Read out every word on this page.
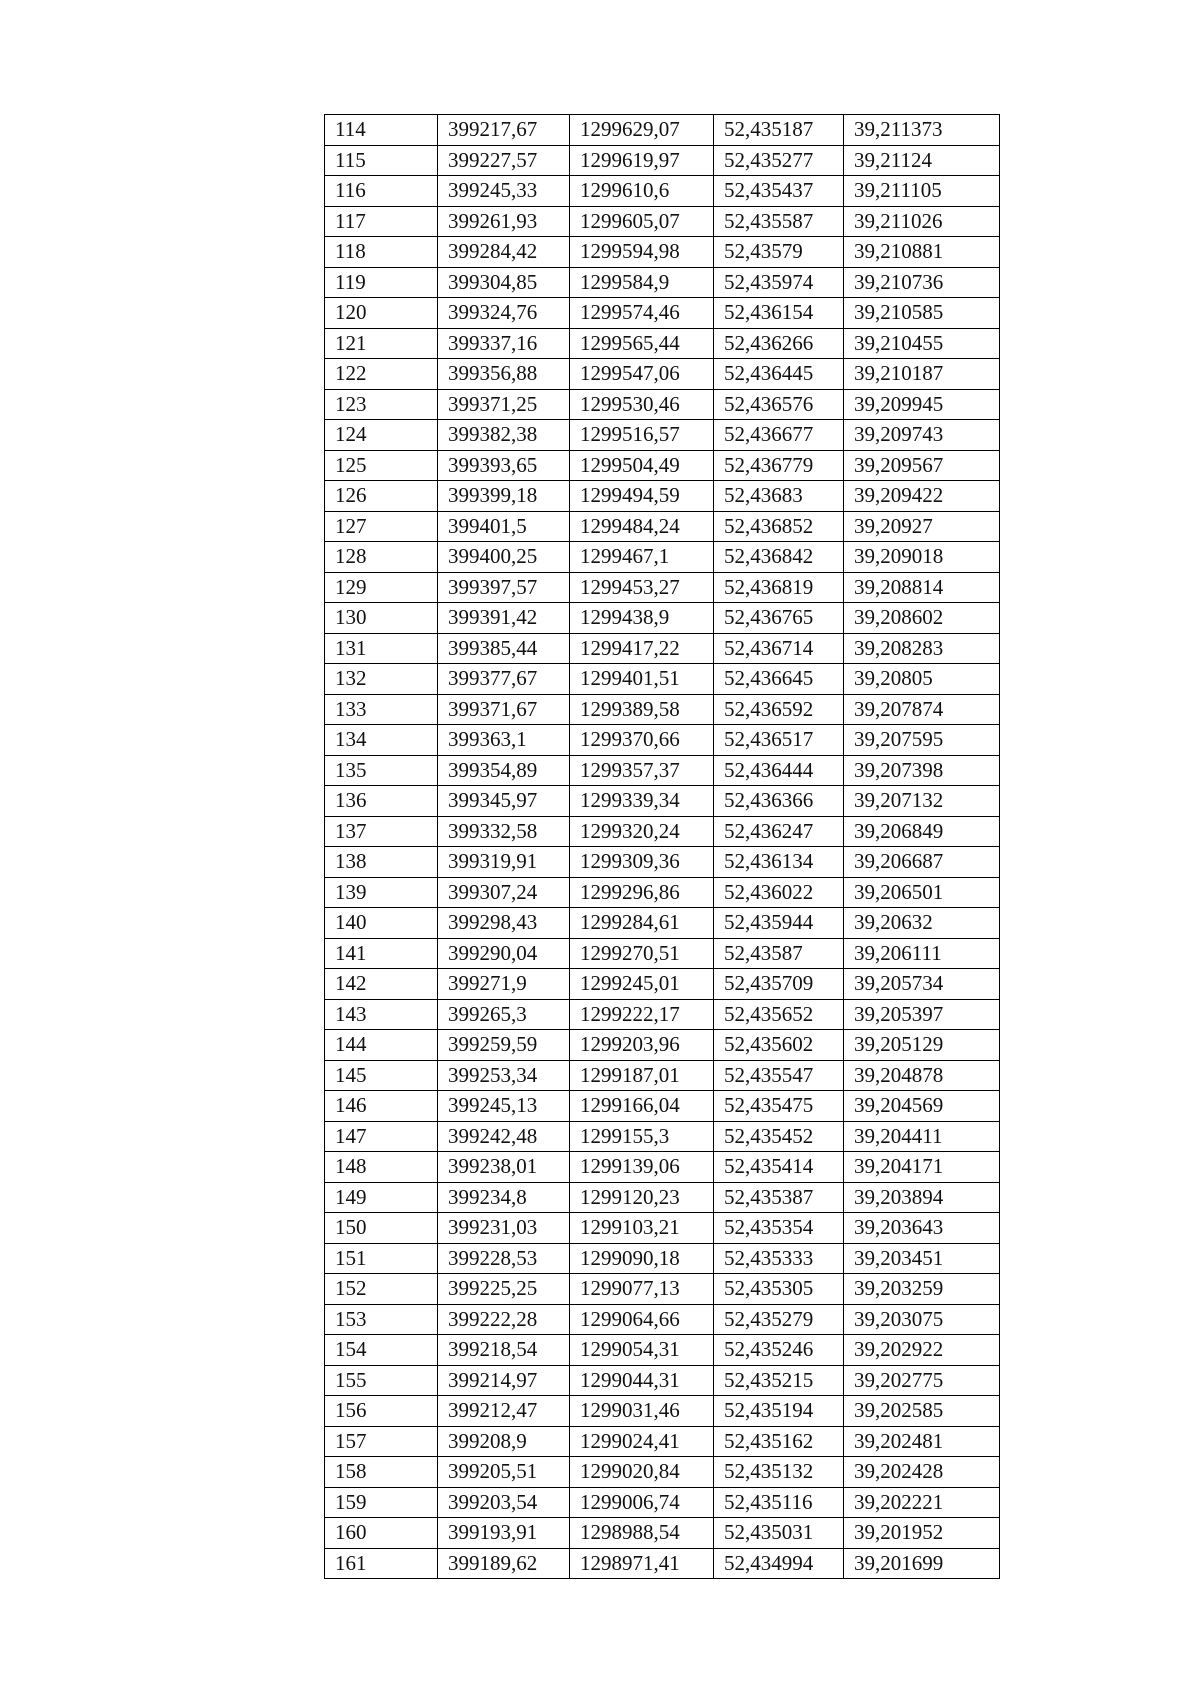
114	399217,67	1299629,07	52,435187	39,211373
115	399227,57	1299619,97	52,435277	39,21124
116	399245,33	1299610,6	52,435437	39,211105
117	399261,93	1299605,07	52,435587	39,211026
118	399284,42	1299594,98	52,43579	39,210881
119	399304,85	1299584,9	52,435974	39,210736
120	399324,76	1299574,46	52,436154	39,210585
121	399337,16	1299565,44	52,436266	39,210455
122	399356,88	1299547,06	52,436445	39,210187
123	399371,25	1299530,46	52,436576	39,209945
124	399382,38	1299516,57	52,436677	39,209743
125	399393,65	1299504,49	52,436779	39,209567
126	399399,18	1299494,59	52,43683	39,209422
127	399401,5	1299484,24	52,436852	39,20927
128	399400,25	1299467,1	52,436842	39,209018
129	399397,57	1299453,27	52,436819	39,208814
130	399391,42	1299438,9	52,436765	39,208602
131	399385,44	1299417,22	52,436714	39,208283
132	399377,67	1299401,51	52,436645	39,20805
133	399371,67	1299389,58	52,436592	39,207874
134	399363,1	1299370,66	52,436517	39,207595
135	399354,89	1299357,37	52,436444	39,207398
136	399345,97	1299339,34	52,436366	39,207132
137	399332,58	1299320,24	52,436247	39,206849
138	399319,91	1299309,36	52,436134	39,206687
139	399307,24	1299296,86	52,436022	39,206501
140	399298,43	1299284,61	52,435944	39,20632
141	399290,04	1299270,51	52,43587	39,206111
142	399271,9	1299245,01	52,435709	39,205734
143	399265,3	1299222,17	52,435652	39,205397
144	399259,59	1299203,96	52,435602	39,205129
145	399253,34	1299187,01	52,435547	39,204878
146	399245,13	1299166,04	52,435475	39,204569
147	399242,48	1299155,3	52,435452	39,204411
148	399238,01	1299139,06	52,435414	39,204171
149	399234,8	1299120,23	52,435387	39,203894
150	399231,03	1299103,21	52,435354	39,203643
151	399228,53	1299090,18	52,435333	39,203451
152	399225,25	1299077,13	52,435305	39,203259
153	399222,28	1299064,66	52,435279	39,203075
154	399218,54	1299054,31	52,435246	39,202922
155	399214,97	1299044,31	52,435215	39,202775
156	399212,47	1299031,46	52,435194	39,202585
157	399208,9	1299024,41	52,435162	39,202481
158	399205,51	1299020,84	52,435132	39,202428
159	399203,54	1299006,74	52,435116	39,202221
160	399193,91	1298988,54	52,435031	39,201952
161	399189,62	1298971,41	52,434994	39,201699
